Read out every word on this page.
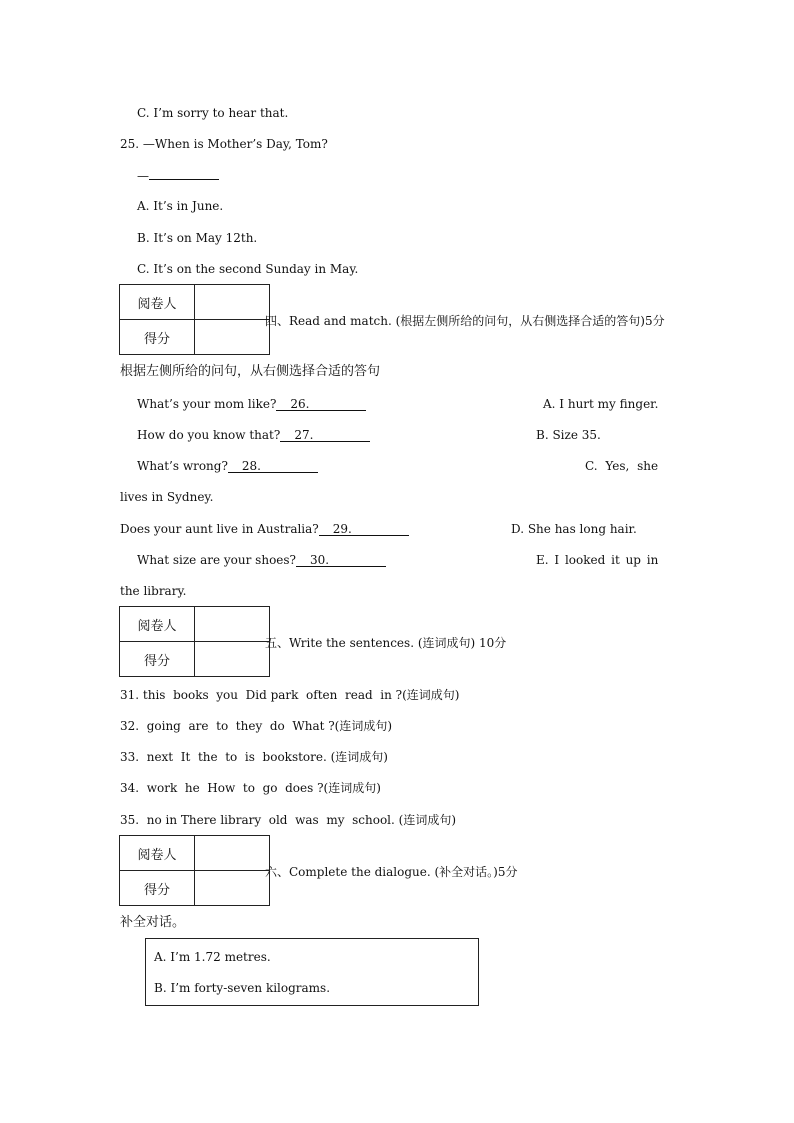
C. I’m sorry to hear that.
25. —When is Mother’s Day, Tom?
—
A. It’s in June.
B. It’s on May 12th.
C. It’s on the second Sunday in May.
阅卷人	
得分	
四、Read and match. (根据左侧所给的问句，从右侧选择合适的答句)5分
根据左侧所给的问句，从右侧选择合适的答句
What’s your mom like? 26.	A. I hurt my finger.
How do you know that? 27.	B. Size 35.
What’s wrong? 28.	C. Yes, she
lives in Sydney.
Does your aunt live in Australia? 29.	D. She has long hair.
What size are your shoes? 30.	E. I looked it up in
the library.
阅卷人	
得分	
五、Write the sentences. (连词成句) 10分
31. this  books  you  Did park  often  read  in ?(连词成句)
32.  going  are  to  they  do  What ?(连词成句)
33.  next  It  the  to  is  bookstore. (连词成句)
34.  work  he  How  to  go  does ?(连词成句)
35.  no in There library  old  was  my  school. (连词成句)
阅卷人	
得分	
六、Complete the dialogue. (补全对话。)5分
补全对话。
A. I’m 1.72 metres.
B. I’m forty-seven kilograms.
